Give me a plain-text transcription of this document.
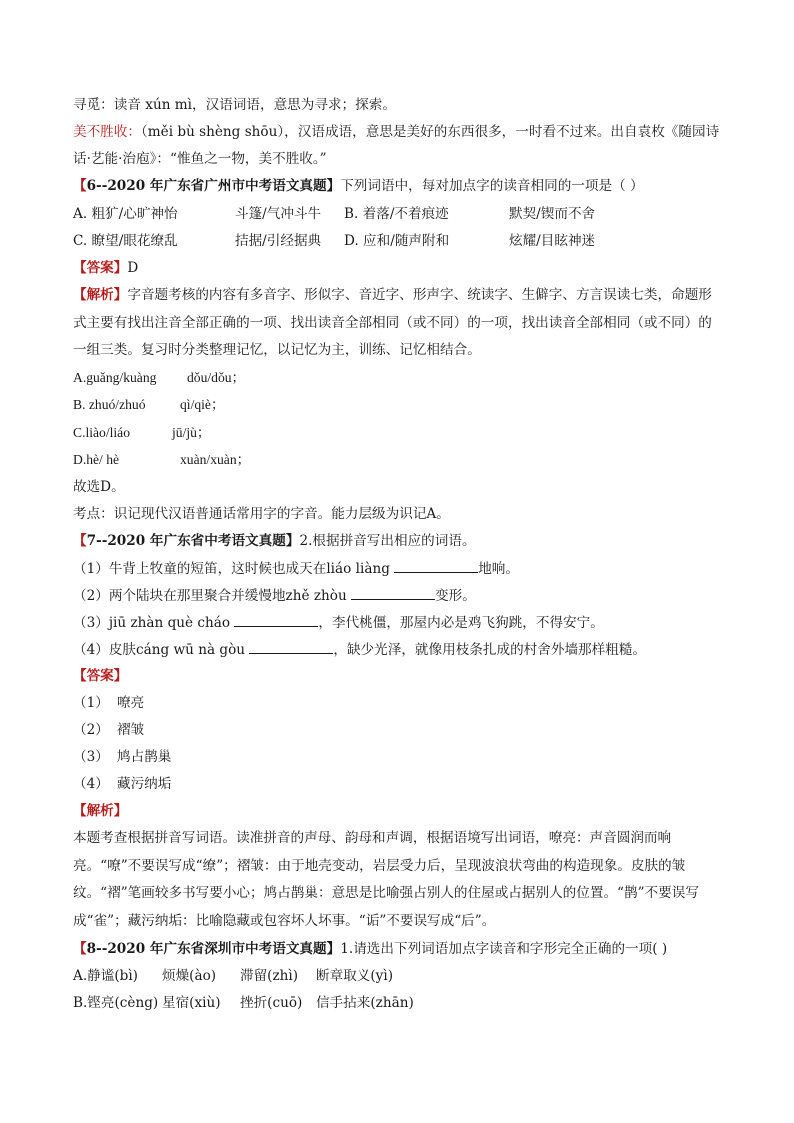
寻觅：读音 xún mì，汉语词语，意思为寻求；探索。
美不胜收：（měi bù shèng shōu），汉语成语，意思是美好的东西很多，一时看不过来。出自袁枚《随园诗
话·艺能·治庖》：“惟鱼之一物，美不胜收。”
【6--2020 年广东省广州市中考语文真题】下列词语中，每对加点字的读音相同的一项是（ ）
A. 粗犷/心旷神怡	斗篷/气冲斗牛 B. 着落/不着痕迹	默契/锲而不舍
C. 瞭望/眼花缭乱	拮据/引经据典 D. 应和/随声附和	炫耀/目眩神迷
【答案】D
【解析】字音题考核的内容有多音字、形似字、音近字、形声字、统读字、生僻字、方言误读七类，命题形式主要有找出注音全部正确的一项、找出读音全部相同（或不同）的一项，找出读音全部相同（或不同）的一组三类。复习时分类整理记忆，以记忆为主，训练、记忆相结合。
A.guǎng/kuàng dǒu/dǒu；
B. zhuó/zhuó	qì/qiè；
C.liào/liáo	jū/jù；
D.hè/ hè	xuàn/xuàn；
故选D。
考点：识记现代汉语普通话常用字的字音。能力层级为识记A。
【7--2020 年广东省中考语文真题】2.根据拼音写出相应的词语。
（1）牛背上牧童的短笛，这时候也成天在liáo liàng	地响。
（2）两个陆块在那里聚合并缓慢地zhě zhòu	变形。
（3）jiū zhàn què cháo	，李代桃僵，那屋内必是鸡飞狗跳，不得安宁。
（4）皮肤cáng wū nà gòu	，缺少光泽，就像用枝条扎成的村舍外墙那样粗糙。
【答案】
（1） 嘹亮
（2） 褶皱
（3） 鸠占鹊巢
（4） 藏污纳垢
【解析】
本题考查根据拼音写词语。读准拼音的声母、韵母和声调，根据语境写出词语，嘹亮：声音圆润而响亮。“嘹”不要误写成“缭”；褶皱：由于地壳变动，岩层受力后，呈现波浪状弯曲的构造现象。皮肤的皱纹。“褶”笔画较多书写要小心；鸠占鹊巢：意思是比喻强占别人的住屋或占据别人的位置。“鹊”不要误写成“雀”；藏污纳垢：比喻隐藏或包容坏人坏事。“诟”不要误写成“后”。
【8--2020 年广东省深圳市中考语文真题】1.请选出下列词语加点字读音和字形完全正确的一项( )
A.静谧(bì) 烦燥(ào) 滞留(zhì) 断章取义(yì)
B.铿亮(cèng) 星宿(xiù) 挫折(cuō) 信手拈来(zhān)
